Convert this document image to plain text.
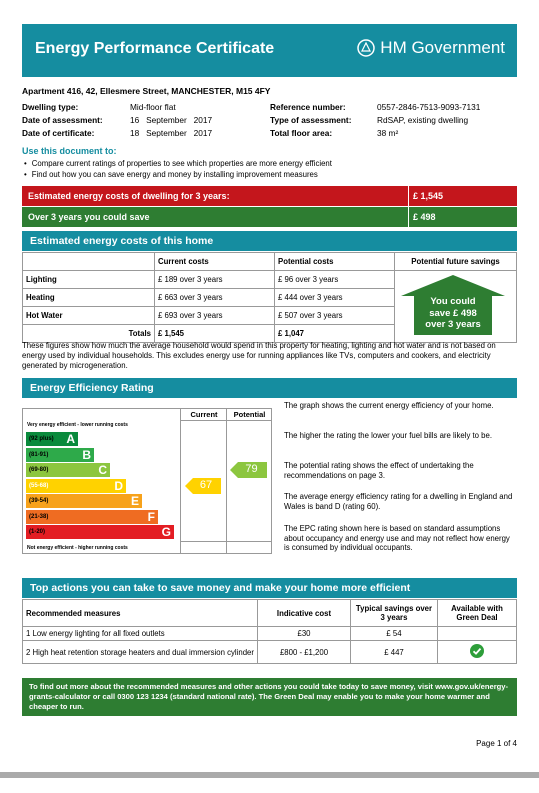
Energy Performance Certificate	HM Government
Apartment 416, 42, Ellesmere Street, MANCHESTER, M15 4FY
Dwelling type:	Mid-floor flat
Date of assessment:	16   September   2017
Date of certificate:	18   September   2017
Reference number:	0557-2846-7513-9093-7131
Type of assessment:	RdSAP, existing dwelling
Total floor area:	38 m²
Use this document to:
• Compare current ratings of properties to see which properties are more energy efficient
• Find out how you can save energy and money by installing improvement measures
Estimated energy costs of dwelling for 3 years:	£ 1,545
Over 3 years you could save	£ 498
Estimated energy costs of this home
	Current costs	Potential costs	Potential future savings
Lighting	£ 189 over 3 years	£ 96 over 3 years	You could
save £ 498
over 3 years

Heating	£ 663 over 3 years	£ 444 over 3 years	
Hot Water	£ 693 over 3 years	£ 507 over 3 years	
Totals	£ 1,545	£ 1,047	
These figures show how much the average household would spend in this property for heating, lighting and hot water and is not based on energy used by individual households. This excludes energy use for running appliances like TVs, computers and cookers, and electricity generated by microgeneration.
Energy Efficiency Rating
Current	Potential
Very energy efficient - lower running costs
(92 plus) A
(81-91)	B
(69-80)	C
(55-68)	D
(39-54)	E
(21-38)	F
(1-20)	G
Not energy efficient - higher running costs
67
79
The graph shows the current energy efficiency of your home.
The higher the rating the lower your fuel bills are likely to be.
The potential rating shows the effect of undertaking the recommendations on page 3.
The average energy efficiency rating for a dwelling in England and Wales is band D (rating 60).
The EPC rating shown here is based on standard assumptions about occupancy and energy use and may not reflect how energy is consumed by individual occupants.
Top actions you can take to save money and make your home more efficient
Recommended measures	Indicative cost	Typical savings over 3 years	Available with Green Deal
1 Low energy lighting for all fixed outlets	£30	£ 54	
2 High heat retention storage heaters and dual immersion cylinder	£800 - £1,200	£ 447	
To find out more about the recommended measures and other actions you could take today to save money, visit www.gov.uk/energy-grants-calculator or call 0300 123 1234 (standard national rate). The Green Deal may enable you to make your home warmer and cheaper to run.
Page 1 of 4
